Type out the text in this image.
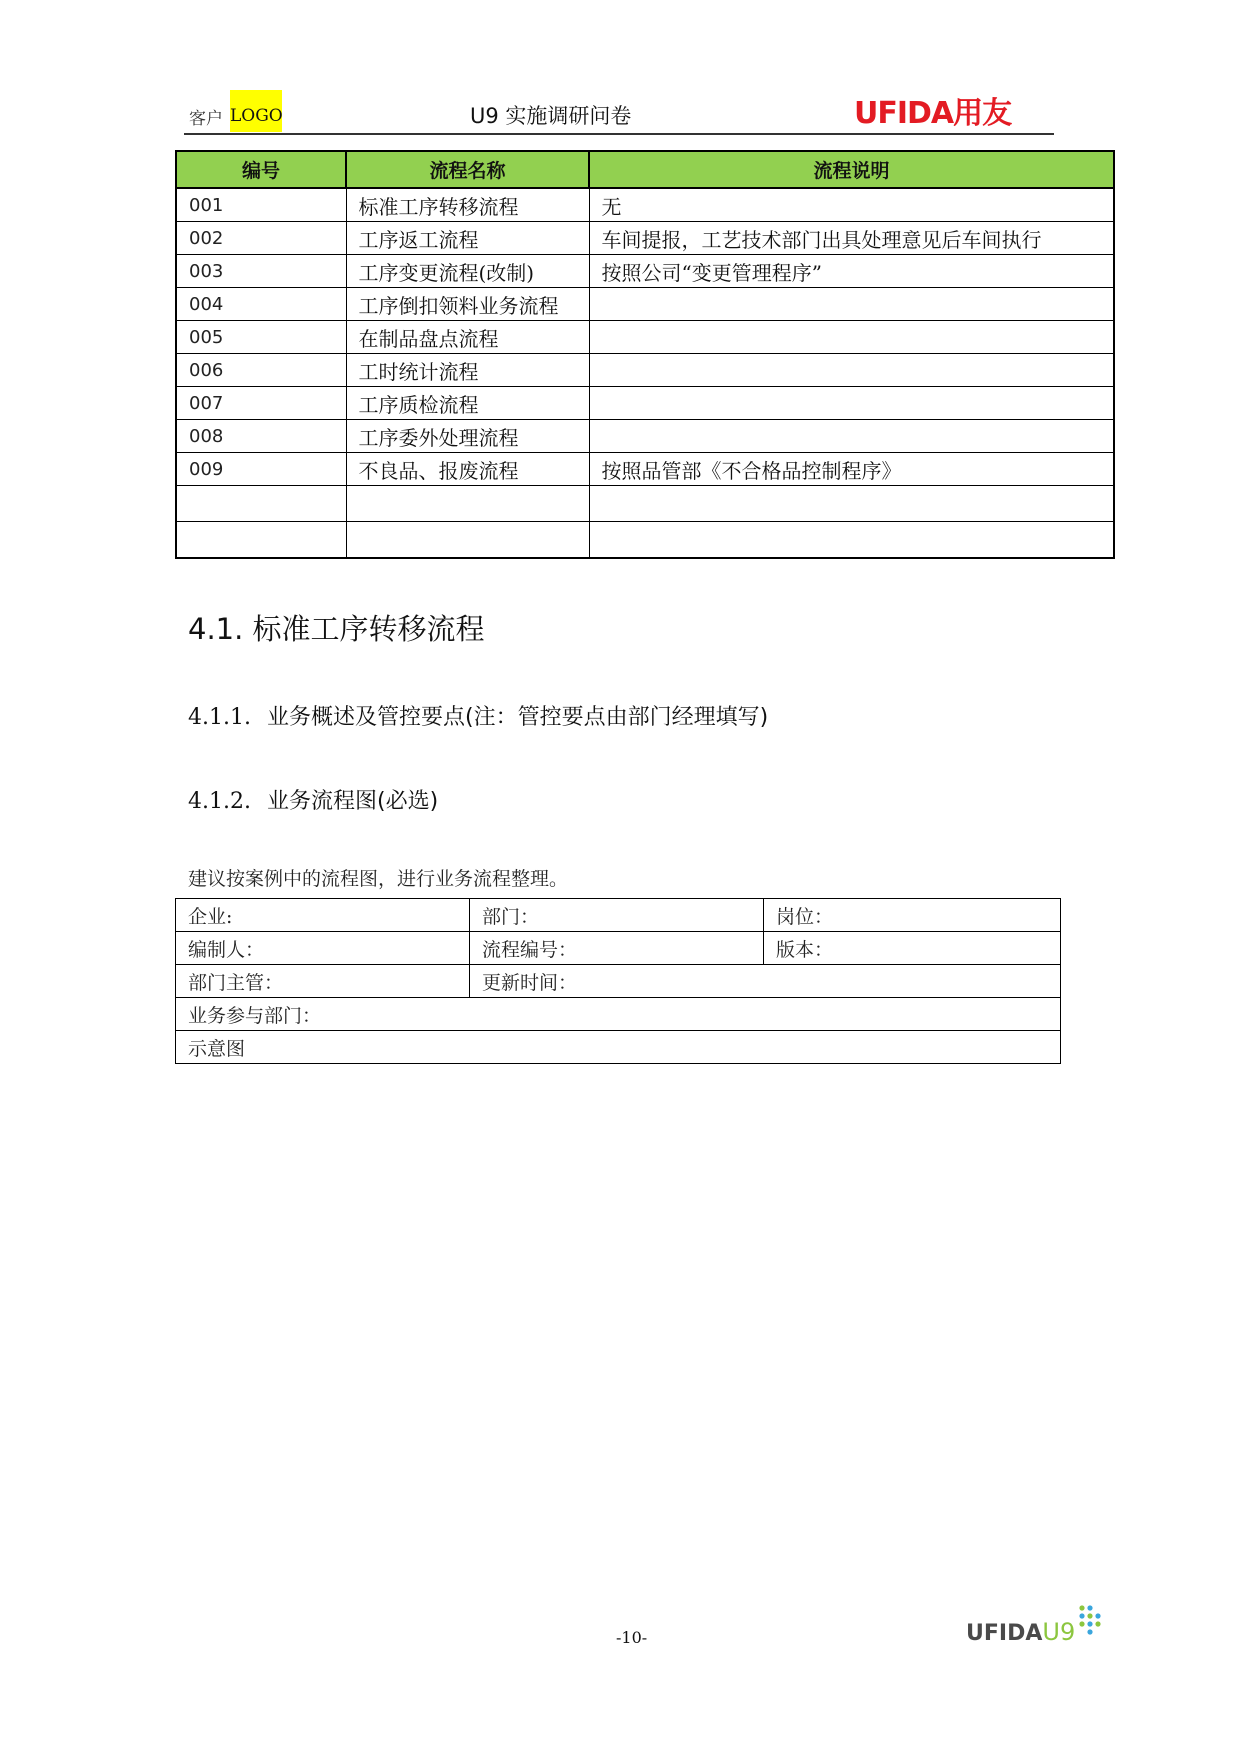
客户 LOGO	U9 实施调研问卷	UFIDA用友
编号	流程名称	流程说明
001	标准工序转移流程	无
002	工序返工流程	车间提报，工艺技术部门出具处理意见后车间执行
003	工序变更流程(改制)	按照公司“变更管理程序”
004	工序倒扣领料业务流程	
005	在制品盘点流程	
006	工时统计流程	
007	工序质检流程	
008	工序委外处理流程	
009	不良品、报废流程	按照品管部《不合格品控制程序》

4.1. 标准工序转移流程
4.1.1. 业务概述及管控要点(注：管控要点由部门经理填写)
4.1.2. 业务流程图(必选)
建议按案例中的流程图，进行业务流程整理。
企业:	部门：	岗位：
编制人：	流程编号：	版本：
部门主管：	更新时间：	
业务参与部门：		
示意图		
-10-	UFIDAU9
